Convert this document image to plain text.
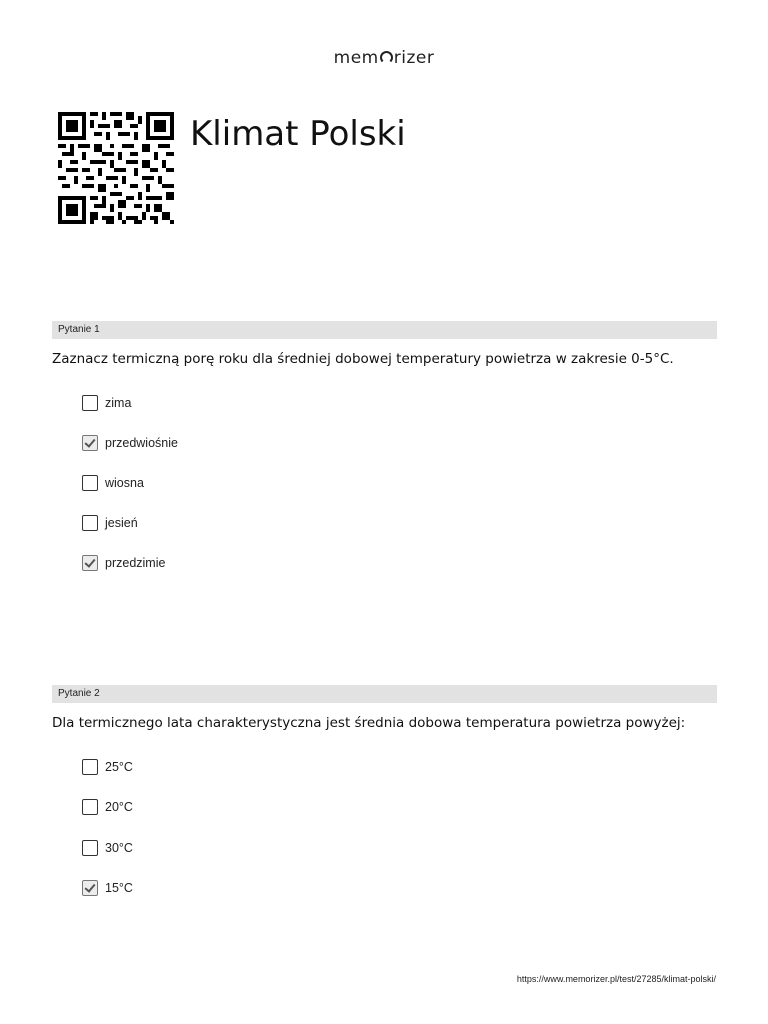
mem rizer
Klimat Polski
Pytanie 1

Zaznacz termiczną porę roku dla średniej dobowej temperatury powietrza w zakresie 0-5°C.

zima
przedwiośnie
wiosna
jesień
przedzimie
Pytanie 2

Dla termicznego lata charakterystyczna jest średnia dobowa temperatura powietrza powyżej:

25°C
20°C
30°C
15°C
https://www.memorizer.pl/test/27285/klimat-polski/
